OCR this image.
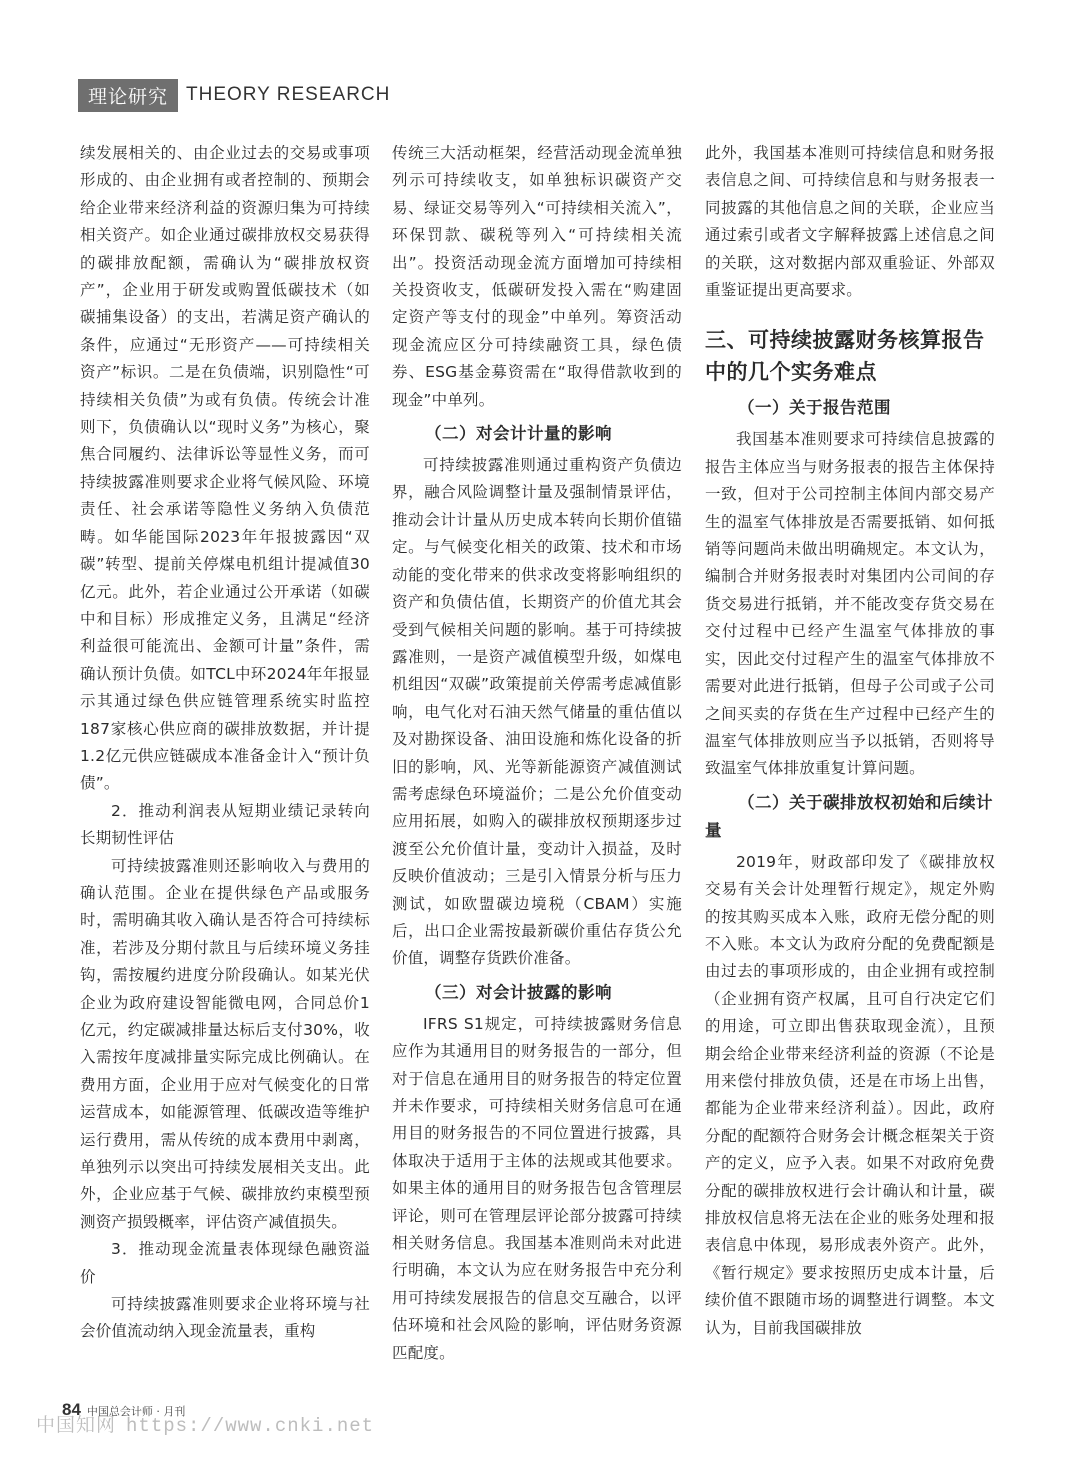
理论研究 THEORY RESEARCH

续发展相关的、由企业过去的交易或事项形成的、由企业拥有或者控制的、预期会给企业带来经济利益的资源归集为可持续相关资产。如企业通过碳排放权交易获得的碳排放配额，需确认为“碳排放权资产”，企业用于研发或购置低碳技术（如碳捕集设备）的支出，若满足资产确认的条件，应通过“无形资产——可持续相关资产”标识。二是在负债端，识别隐性“可持续相关负债”为或有负债。传统会计准则下，负债确认以“现时义务”为核心，聚焦合同履约、法律诉讼等显性义务，而可持续披露准则要求企业将气候风险、环境责任、社会承诺等隐性义务纳入负债范畴。如华能国际2023年年报披露因“双碳”转型、提前关停煤电机组计提减值30亿元。此外，若企业通过公开承诺（如碳中和目标）形成推定义务，且满足“经济利益很可能流出、金额可计量”条件，需确认预计负债。如TCL中环2024年年报显示其通过绿色供应链管理系统实时监控187家核心供应商的碳排放数据，并计提1.2亿元供应链碳成本准备金计入“预计负债”。

2．推动利润表从短期业绩记录转向长期韧性评估

可持续披露准则还影响收入与费用的确认范围。企业在提供绿色产品或服务时，需明确其收入确认是否符合可持续标准，若涉及分期付款且与后续环境义务挂钩，需按履约进度分阶段确认。如某光伏企业为政府建设智能微电网，合同总价1亿元，约定碳减排量达标后支付30%，收入需按年度减排量实际完成比例确认。在费用方面，企业用于应对气候变化的日常运营成本，如能源管理、低碳改造等维护运行费用，需从传统的成本费用中剥离，单独列示以突出可持续发展相关支出。此外，企业应基于气候、碳排放约束模型预测资产损毁概率，评估资产减值损失。

3．推动现金流量表体现绿色融资溢价

可持续披露准则要求企业将环境与社会价值流动纳入现金流量表，重构

传统三大活动框架，经营活动现金流单独列示可持续收支，如单独标识碳资产交易、绿证交易等列入“可持续相关流入”，环保罚款、碳税等列入“可持续相关流出”。投资活动现金流方面增加可持续相关投资收支，低碳研发投入需在“购建固定资产等支付的现金”中单列。筹资活动现金流应区分可持续融资工具，绿色债券、ESG基金募资需在“取得借款收到的现金”中单列。

（二）对会计计量的影响

可持续披露准则通过重构资产负债边界，融合风险调整计量及强制情景评估，推动会计计量从历史成本转向长期价值锚定。与气候变化相关的政策、技术和市场动能的变化带来的供求改变将影响组织的资产和负债估值，长期资产的价值尤其会受到气候相关问题的影响。基于可持续披露准则，一是资产减值模型升级，如煤电机组因“双碳”政策提前关停需考虑减值影响，电气化对石油天然气储量的重估值以及对勘探设备、油田设施和炼化设备的折旧的影响，风、光等新能源资产减值测试需考虑绿色环境溢价；二是公允价值变动应用拓展，如购入的碳排放权预期逐步过渡至公允价值计量，变动计入损益，及时反映价值波动；三是引入情景分析与压力测试，如欧盟碳边境税（CBAM）实施后，出口企业需按最新碳价重估存货公允价值，调整存货跌价准备。

（三）对会计披露的影响

IFRS S1规定，可持续披露财务信息应作为其通用目的财务报告的一部分，但对于信息在通用目的财务报告的特定位置并未作要求，可持续相关财务信息可在通用目的财务报告的不同位置进行披露，具体取决于适用于主体的法规或其他要求。如果主体的通用目的财务报告包含管理层评论，则可在管理层评论部分披露可持续相关财务信息。我国基本准则尚未对此进行明确，本文认为应在财务报告中充分利用可持续发展报告的信息交互融合，以评估环境和社会风险的影响，评估财务资源匹配度。

此外，我国基本准则可持续信息和财务报表信息之间、可持续信息和与财务报表一同披露的其他信息之间的关联，企业应当通过索引或者文字解释披露上述信息之间的关联，这对数据内部双重验证、外部双重鉴证提出更高要求。

三、可持续披露财务核算报告中的几个实务难点
（一）关于报告范围

我国基本准则要求可持续信息披露的报告主体应当与财务报表的报告主体保持一致，但对于公司控制主体间内部交易产生的温室气体排放是否需要抵销、如何抵销等问题尚未做出明确规定。本文认为，编制合并财务报表时对集团内公司间的存货交易进行抵销，并不能改变存货交易在交付过程中已经产生温室气体排放的事实，因此交付过程产生的温室气体排放不需要对此进行抵销，但母子公司或子公司之间买卖的存货在生产过程中已经产生的温室气体排放则应当予以抵销，否则将导致温室气体排放重复计算问题。

（二）关于碳排放权初始和后续计量

2019年，财政部印发了《碳排放权交易有关会计处理暂行规定》，规定外购的按其购买成本入账，政府无偿分配的则不入账。本文认为政府分配的免费配额是由过去的事项形成的，由企业拥有或控制（企业拥有资产权属，且可自行决定它们的用途，可立即出售获取现金流），且预期会给企业带来经济利益的资源（不论是用来偿付排放负债，还是在市场上出售，都能为企业带来经济利益）。因此，政府分配的配额符合财务会计概念框架关于资产的定义，应予入表。如果不对政府免费分配的碳排放权进行会计确认和计量，碳排放权信息将无法在企业的账务处理和报表信息中体现，易形成表外资产。此外，《暂行规定》要求按照历史成本计量，后续价值不跟随市场的调整进行调整。本文认为，目前我国碳排放

84 中国总会计师 · 月刊
中国知网 https://www.cnki.net
